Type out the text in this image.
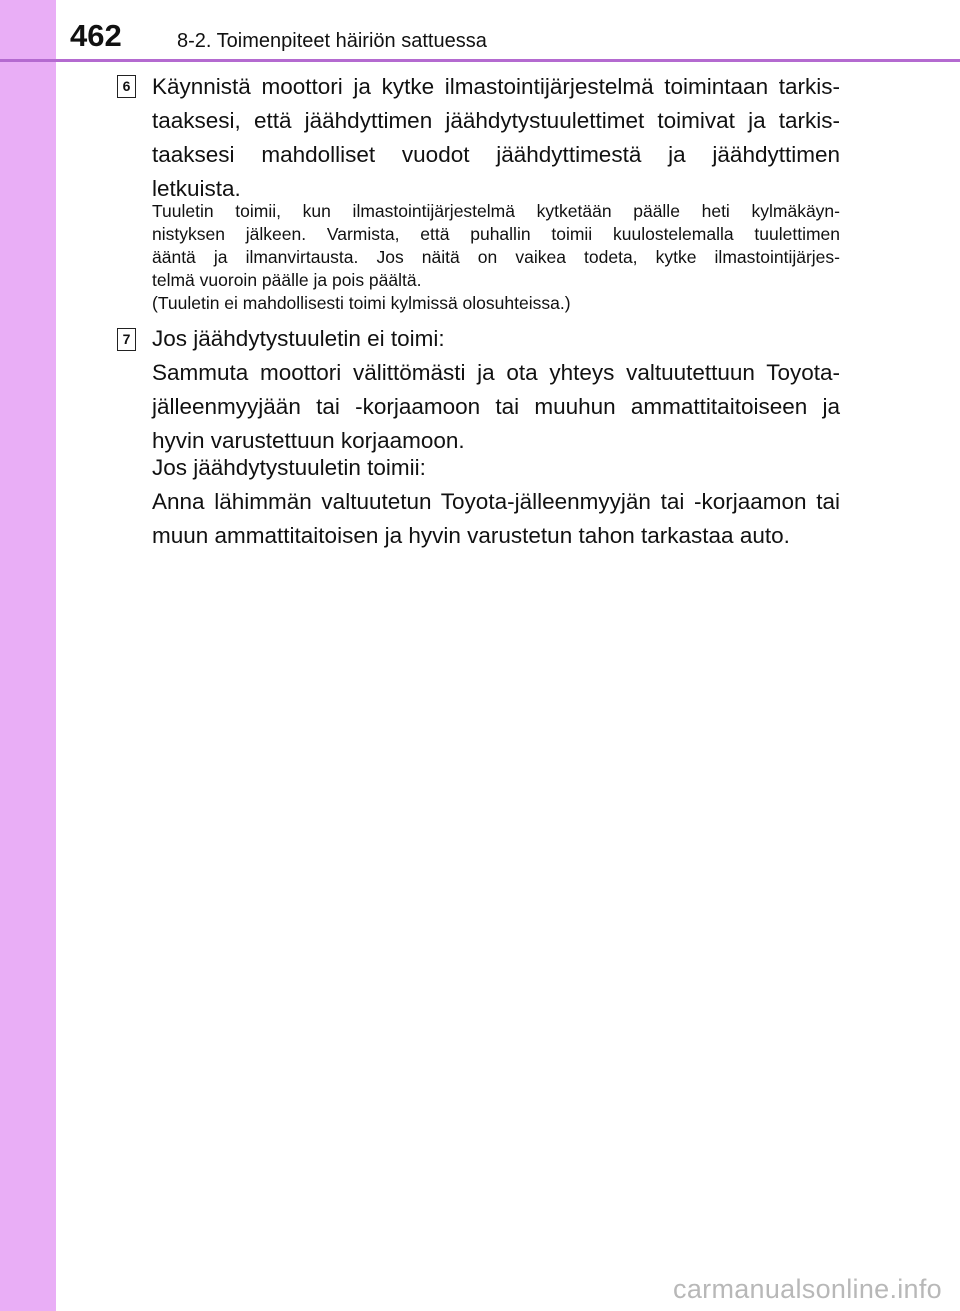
462	8-2. Toimenpiteet häiriön sattuessa
6 Käynnistä moottori ja kytke ilmastointijärjestelmä toimintaan tarkis-
taaksesi, että jäähdyttimen jäähdytystuulettimet toimivat ja tarkis-
taaksesi mahdolliset vuodot jäähdyttimestä ja jäähdyttimen
letkuista.
Tuuletin toimii, kun ilmastointijärjestelmä kytketään päälle heti kylmäkäyn-
nistyksen jälkeen. Varmista, että puhallin toimii kuulostelemalla tuulettimen
ääntä ja ilmanvirtausta. Jos näitä on vaikea todeta, kytke ilmastointijärjes-
telmä vuoroin päälle ja pois päältä.
(Tuuletin ei mahdollisesti toimi kylmissä olosuhteissa.)
7 Jos jäähdytystuuletin ei toimi:
Sammuta moottori välittömästi ja ota yhteys valtuutettuun Toyota-
jälleenmyyjään tai -korjaamoon tai muuhun ammattitaitoiseen ja
hyvin varustettuun korjaamoon.
Jos jäähdytystuuletin toimii:
Anna lähimmän valtuutetun Toyota-jälleenmyyjän tai -korjaamon tai
muun ammattitaitoisen ja hyvin varustetun tahon tarkastaa auto.
carmanualsonline.info
